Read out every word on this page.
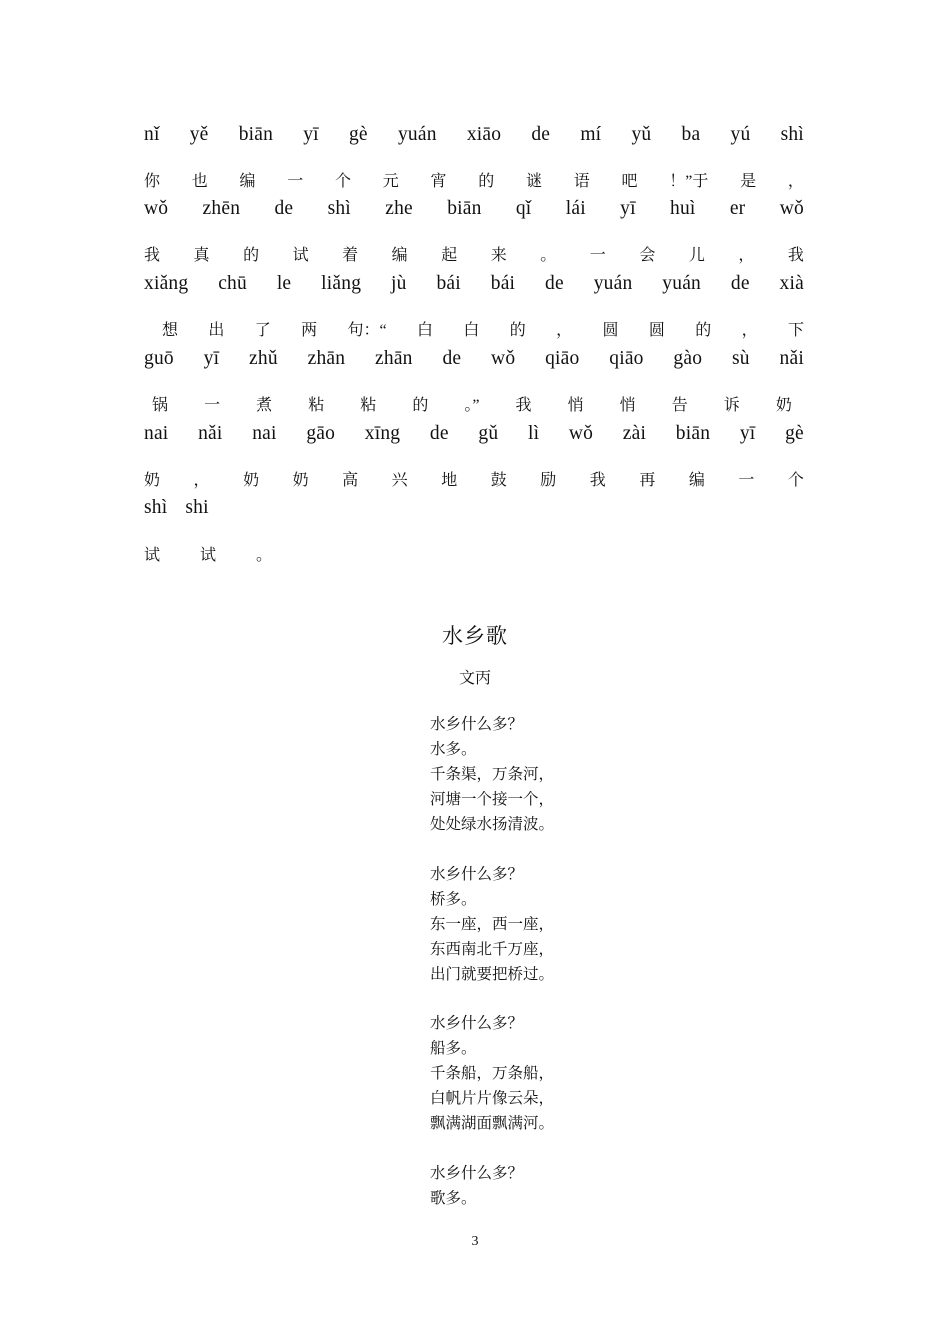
nǐ yě biān yī gè yuán xiāo de mí yǔ ba yú shì
你 也 编 一 个 元 宵 的 谜 语 吧 ！”于 是 ，
wǒ zhēn de shì zhe biān qǐ lái yī huì er wǒ
我 真 的 试 着 编 起 来 。 一 会 儿 ， 我
xiǎng chū le liǎng jù bái bái de yuán yuán de xià
想 出 了 两 句：“ 白 白 的 ， 圆 圆 的 ， 下
guō yī zhǔ zhān zhān de wǒ qiāo qiāo gào sù nǎi
锅 一 煮 粘 粘 的 。” 我 悄 悄 告 诉 奶
nai nǎi nai gāo xīng de gǔ lì wǒ zài biān yī gè
奶 ， 奶 奶 高 兴 地 鼓 励 我 再 编 一 个
shì shi
试	试	。
水乡歌
文丙
水乡什么多？
水多。
千条渠，万条河，
河塘一个接一个，
处处绿水扬清波。
水乡什么多？
桥多。
东一座，西一座，
东西南北千万座，
出门就要把桥过。
水乡什么多？
船多。
千条船，万条船，
白帆片片像云朵，
飘满湖面飘满河。
水乡什么多？
歌多。
3
